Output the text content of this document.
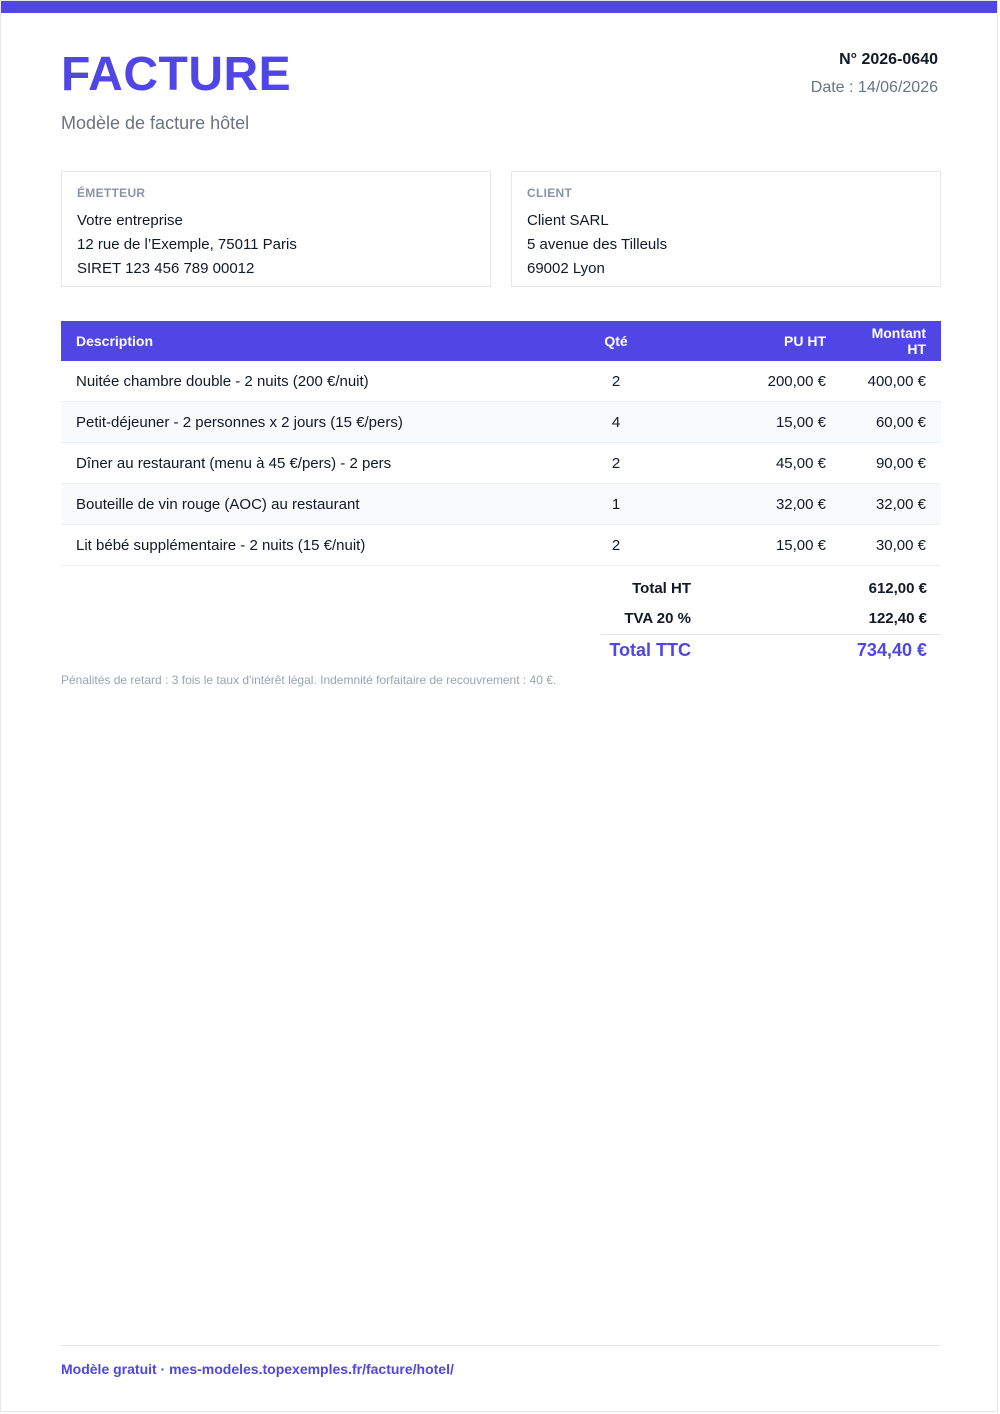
FACTURE
Modèle de facture hôtel
N° 2026-0640
Date : 14/06/2026
ÉMETTEUR
Votre entreprise
12 rue de l’Exemple, 75011 Paris
SIRET 123 456 789 00012
CLIENT
Client SARL
5 avenue des Tilleuls
69002 Lyon
Description	Qté	PU HT	Montant HT
Nuitée chambre double - 2 nuits (200 €/nuit)	2	200,00 €	400,00 €
Petit-déjeuner - 2 personnes x 2 jours (15 €/pers)	4	15,00 €	60,00 €
Dîner au restaurant (menu à 45 €/pers) - 2 pers	2	45,00 €	90,00 €
Bouteille de vin rouge (AOC) au restaurant	1	32,00 €	32,00 €
Lit bébé supplémentaire - 2 nuits (15 €/nuit)	2	15,00 €	30,00 €
Total HT	612,00 €
TVA 20 %	122,40 €
Total TTC	734,40 €
Pénalités de retard : 3 fois le taux d'intérêt légal. Indemnité forfaitaire de recouvrement : 40 €.
Modèle gratuit · mes-modeles.topexemples.fr/facture/hotel/
